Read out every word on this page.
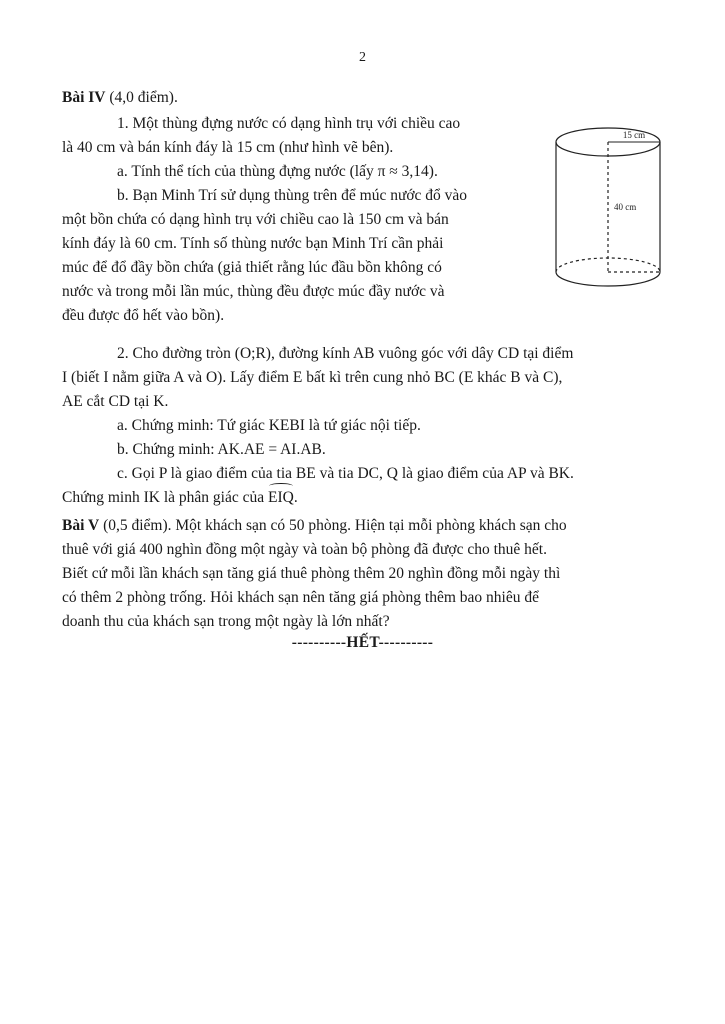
2

Bài IV (4,0 điểm).

1. Một thùng đựng nước có dạng hình trụ với chiều cao

là 40 cm và bán kính đáy là 15 cm (như hình vẽ bên).

a. Tính thể tích của thùng đựng nước (lấy π ≈ 3,14).

b. Bạn Minh Trí sử dụng thùng trên để múc nước đổ vào

một bồn chứa có dạng hình trụ với chiều cao là 150 cm và bán

kính đáy là 60 cm. Tính số thùng nước bạn Minh Trí cần phải

múc để đổ đầy bồn chứa (giả thiết rằng lúc đầu bồn không có

nước và trong mỗi lần múc, thùng đều được múc đầy nước và

đều được đổ hết vào bồn).

15 cm
40 cm

2. Cho đường tròn (O;R), đường kính AB vuông góc với dây CD tại điểm

I (biết I nằm giữa A và O). Lấy điểm E bất kì trên cung nhỏ BC (E khác B và C),

AE cắt CD tại K.

a. Chứng minh: Tứ giác KEBI là tứ giác nội tiếp.

b. Chứng minh: AK.AE = AI.AB.

c. Gọi P là giao điểm của tia BE và tia DC, Q là giao điểm của AP và BK.

Chứng minh IK là phân giác của EIQ.

Bài V (0,5 điểm). Một khách sạn có 50 phòng. Hiện tại mỗi phòng khách sạn cho

thuê với giá 400 nghìn đồng một ngày và toàn bộ phòng đã được cho thuê hết.

Biết cứ mỗi lần khách sạn tăng giá thuê phòng thêm 20 nghìn đồng mỗi ngày thì

có thêm 2 phòng trống. Hỏi khách sạn nên tăng giá phòng thêm bao nhiêu để

doanh thu của khách sạn trong một ngày là lớn nhất?

----------HẾT----------
